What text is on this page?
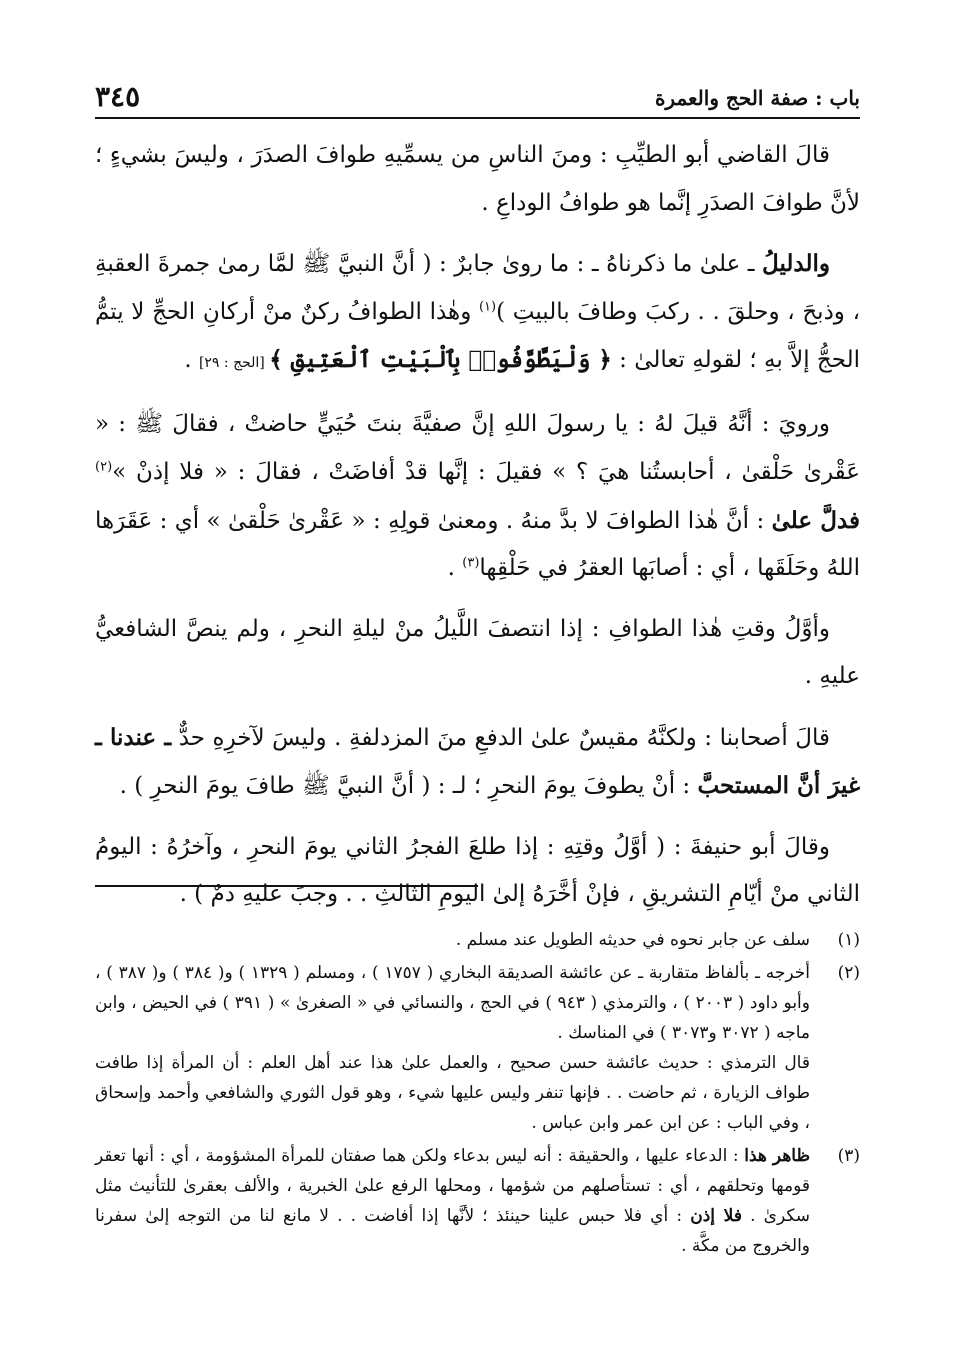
باب : صفة الحج والعمرة
٣٤٥

قالَ القاضي أبو الطيِّبِ : ومنَ الناسِ من يسمِّيهِ طوافَ الصدَرَ ، وليسَ بشيءٍ ؛ لأنَّ طوافَ الصدَرِ إنَّما هو طوافُ الوداعِ .

والدليلُ ـ علىٰ ما ذكرناهُ ـ : ما رویٰ جابرٌ : ( أنَّ النبيَّ ﷺ لمَّا رمیٰ جمرةَ العقبةِ ، وذبحَ ، وحلقَ . . ركبَ وطافَ بالبيتِ )$^{(١)}$ وهٰذا الطوافُ ركنٌ منْ أركانِ الحجِّ لا يتمُّ الحجُّ إلاَّ بهِ ؛ لقولهِ تعالیٰ : ﴿ وَلْيَطَّوَّفُوا۟ بِٱلْبَيْتِ ٱلْعَتِيقِ ﴾ [الحج : ٢٩] .

ورويَ : أنَّهُ قيلَ لهُ : يا رسولَ اللهِ إنَّ صفيَّةَ بنتَ حُيَيٍّ حاضتْ ، فقالَ ﷺ : « عَقْریٰ حَلْقیٰ ، أحابستُنا هيَ ؟ » فقيلَ : إنَّها قدْ أفاضَتْ ، فقالَ : « فلا إذنْ »$^{(٢)}$ فدلَّ علیٰ : أنَّ هٰذا الطوافَ لا بدَّ منهُ . ومعنیٰ قولِهِ : « عَقْریٰ حَلْقیٰ » أي : عَقَرَها اللهُ وحَلَقَها ، أي : أصابَها العقرُ في حَلْقِها$^{(٣)}$ .

وأوَّلُ وقتِ هٰذا الطوافِ : إذا انتصفَ اللَّيلُ منْ ليلةِ النحرِ ، ولم ينصَّ الشافعيُّ عليهِ .

قالَ أصحابنا : ولكنَّهُ مقيسٌ علیٰ الدفعِ منَ المزدلفةِ . وليسَ لآخرِهِ حدٌّ ـ عندنا ـ غيرَ أنَّ المستحبَّ : أنْ يطوفَ يومَ النحرِ ؛ لـ : ( أنَّ النبيَّ ﷺ طافَ يومَ النحرِ ) .

وقالَ أبو حنيفةَ : ( أوَّلُ وقتِهِ : إذا طلعَ الفجرُ الثاني يومَ النحرِ ، وآخرُهُ : اليومُ الثاني منْ أيّامِ التشريقِ ، فإنْ أخَّرَهُ إلیٰ اليومِ الثالثِ . . وجبَ عليهِ دمٌ ) .

(١)
سلف عن جابر نحوه في حديثه الطويل عند مسلم .
(٢)
أخرجه ـ بألفاظ متقاربة ـ عن عائشة الصديقة البخاري ( ١٧٥٧ ) ، ومسلم ( ١٣٢٩ ) و( ٣٨٤ ) و( ٣٨٧ ) ، وأبو داود ( ٢٠٠٣ ) ، والترمذي ( ٩٤٣ ) في الحج ، والنسائي في « الصغریٰ » ( ٣٩١ ) في الحيض ، وابن ماجه ( ٣٠٧٢ و٣٠٧٣ ) في المناسك .

قال الترمذي : حديث عائشة حسن صحيح ، والعمل علیٰ هذا عند أهل العلم : أن المرأة إذا طافت طواف الزيارة ، ثم حاضت . . فإنها تنفر وليس عليها شيء ، وهو قول الثوري والشافعي وأحمد وإسحاق ، وفي الباب : عن ابن عمر وابن عباس .

(٣)
ظاهر هذا : الدعاء عليها ، والحقيقة : أنه ليس بدعاء ولكن هما صفتان للمرأة المشؤومة ، أي : أنها تعقر قومها وتحلقهم ، أي : تستأصلهم من شؤمها ، ومحلها الرفع علیٰ الخبرية ، والألف بعقریٰ للتأنيث مثل سكریٰ . فلا إذن : أي فلا حبس علينا حينئذ ؛ لأنَّها إذا أفاضت . . لا مانع لنا من التوجه إلیٰ سفرنا والخروج من مكَّة .
